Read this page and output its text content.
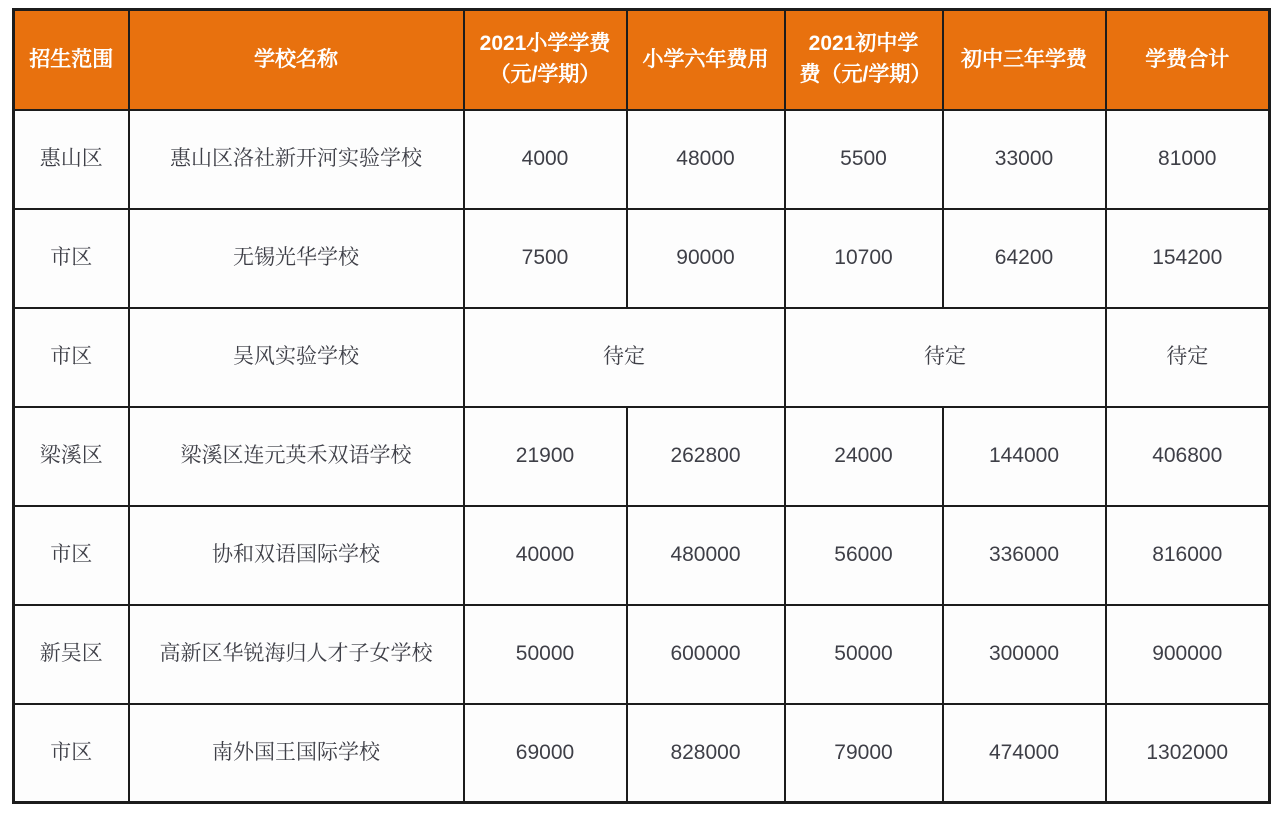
招生范围	学校名称	2021小学学费（元/学期）	小学六年费用	2021初中学费（元/学期）	初中三年学费	学费合计
惠山区	惠山区洛社新开河实验学校	4000	48000	5500	33000	81000
市区	无锡光华学校	7500	90000	10700	64200	154200
市区	吴风实验学校	待定		待定		待定
梁溪区	梁溪区连元英禾双语学校	21900	262800	24000	144000	406800
市区	协和双语国际学校	40000	480000	56000	336000	816000
新吴区	高新区华锐海归人才子女学校	50000	600000	50000	300000	900000
市区	南外国王国际学校	69000	828000	79000	474000	1302000
